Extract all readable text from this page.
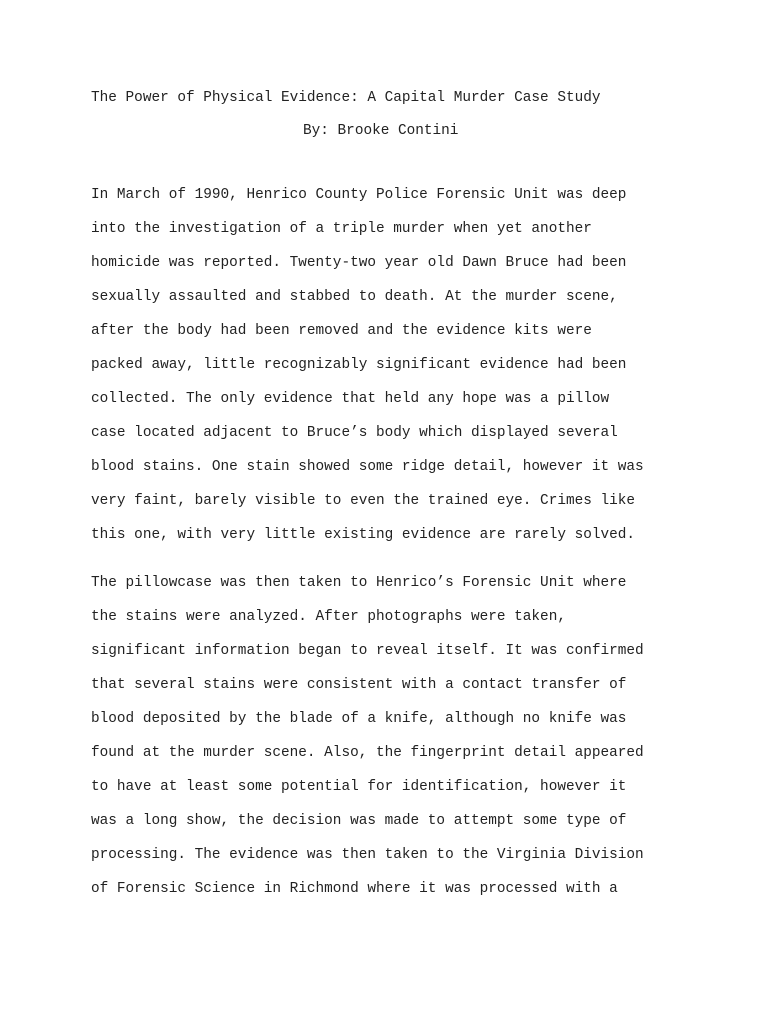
The Power of Physical Evidence: A Capital Murder Case Study
By: Brooke Contini

In March of 1990, Henrico County Police Forensic Unit was deep
into the investigation of a triple murder when yet another
homicide was reported. Twenty-two year old Dawn Bruce had been
sexually assaulted and stabbed to death. At the murder scene,
after the body had been removed and the evidence kits were
packed away, little recognizably significant evidence had been
collected. The only evidence that held any hope was a pillow
case located adjacent to Bruce’s body which displayed several
blood stains. One stain showed some ridge detail, however it was
very faint, barely visible to even the trained eye. Crimes like
this one, with very little existing evidence are rarely solved.

The pillowcase was then taken to Henrico’s Forensic Unit where
the stains were analyzed. After photographs were taken,
significant information began to reveal itself. It was confirmed
that several stains were consistent with a contact transfer of
blood deposited by the blade of a knife, although no knife was
found at the murder scene. Also, the fingerprint detail appeared
to have at least some potential for identification, however it
was a long show, the decision was made to attempt some type of
processing. The evidence was then taken to the Virginia Division
of Forensic Science in Richmond where it was processed with a
